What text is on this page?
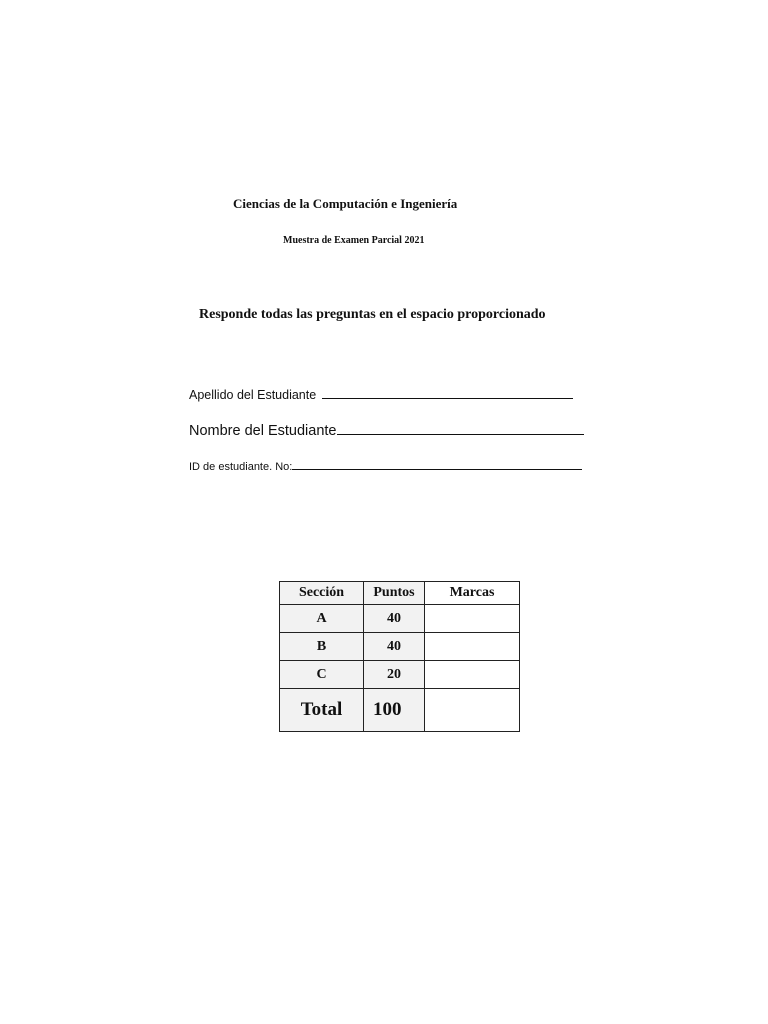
Ciencias de la Computación e Ingeniería
Muestra de Examen Parcial 2021
Responde todas las preguntas en el espacio proporcionado
Apellido del Estudiante
Nombre del Estudiante
ID de estudiante. No:
Sección	Puntos	Marcas
A	40	
B	40	
C	20	
Total	100	
